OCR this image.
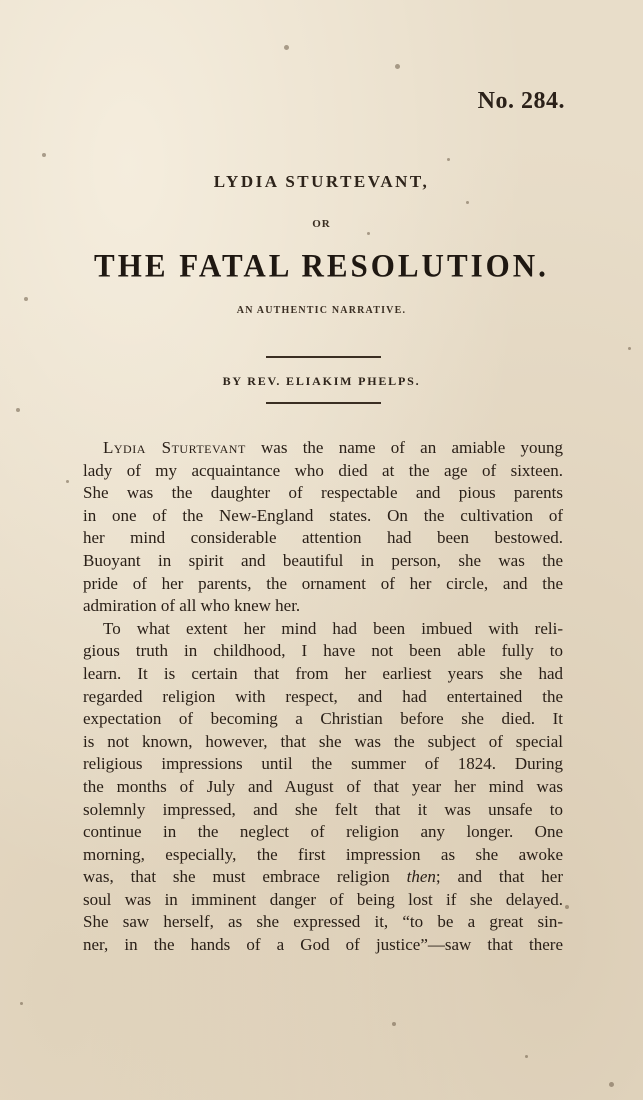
No. 284.
LYDIA STURTEVANT,
OR
THE FATAL RESOLUTION.
AN AUTHENTIC NARRATIVE.
BY REV. ELIAKIM PHELPS.
Lydia Sturtevant was the name of an amiable young
lady of my acquaintance who died at the age of sixteen.
She was the daughter of respectable and pious parents
in one of the New-England states. On the cultivation of
her mind considerable attention had been bestowed.
Buoyant in spirit and beautiful in person, she was the
pride of her parents, the ornament of her circle, and the
admiration of all who knew her.
To what extent her mind had been imbued with reli-
gious truth in childhood, I have not been able fully to
learn. It is certain that from her earliest years she had
regarded religion with respect, and had entertained the
expectation of becoming a Christian before she died. It
is not known, however, that she was the subject of special
religious impressions until the summer of 1824. During
the months of July and August of that year her mind was
solemnly impressed, and she felt that it was unsafe to
continue in the neglect of religion any longer. One
morning, especially, the first impression as she awoke
was, that she must embrace religion then; and that her
soul was in imminent danger of being lost if she delayed.
She saw herself, as she expressed it, “to be a great sin-
ner, in the hands of a God of justice”—saw that there
